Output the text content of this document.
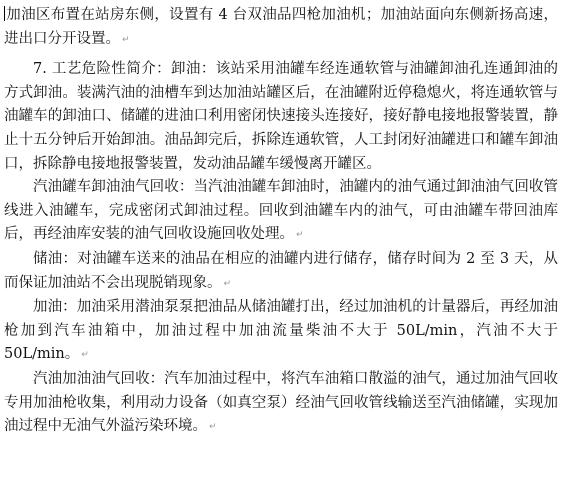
加油区布置在站房东侧，设置有 4 台双油品四枪加油机；加油站面向东侧新扬高速，进出口分开设置。 ↵

7. 工艺危险性简介：卸油：该站采用油罐车经连通软管与油罐卸油孔连通卸油的方式卸油。装满汽油的油槽车到达加油站罐区后，在油罐附近停稳熄火，将连通软管与油罐车的卸油口、储罐的进油口利用密闭快速接头连接好，接好静电接地报警装置，静止十五分钟后开始卸油。油品卸完后，拆除连通软管，人工封闭好油罐进口和罐车卸油口，拆除静电接地报警装置，发动油品罐车缓慢离开罐区。

汽油罐车卸油油气回收：当汽油油罐车卸油时，油罐内的油气通过卸油油气回收管线进入油罐车，完成密闭式卸油过程。回收到油罐车内的油气，可由油罐车带回油库后，再经油库安装的油气回收设施回收处理。 ↵

储油：对油罐车送来的油品在相应的油罐内进行储存，储存时间为 2 至 3 天，从而保证加油站不会出现脱销现象。 ↵

加油：加油采用潜油泵泵把油品从储油罐打出，经过加油机的计量器后，再经加油枪加到汽车油箱中，加油过程中加油流量柴油不大于 50L/min，汽油不大于 50L/min。 ↵

汽油加油油气回收：汽车加油过程中，将汽车油箱口散溢的油气，通过加油气回收专用加油枪收集，利用动力设备（如真空泵）经油气回收管线输送至汽油储罐，实现加油过程中无油气外溢污染环境。 ↵
